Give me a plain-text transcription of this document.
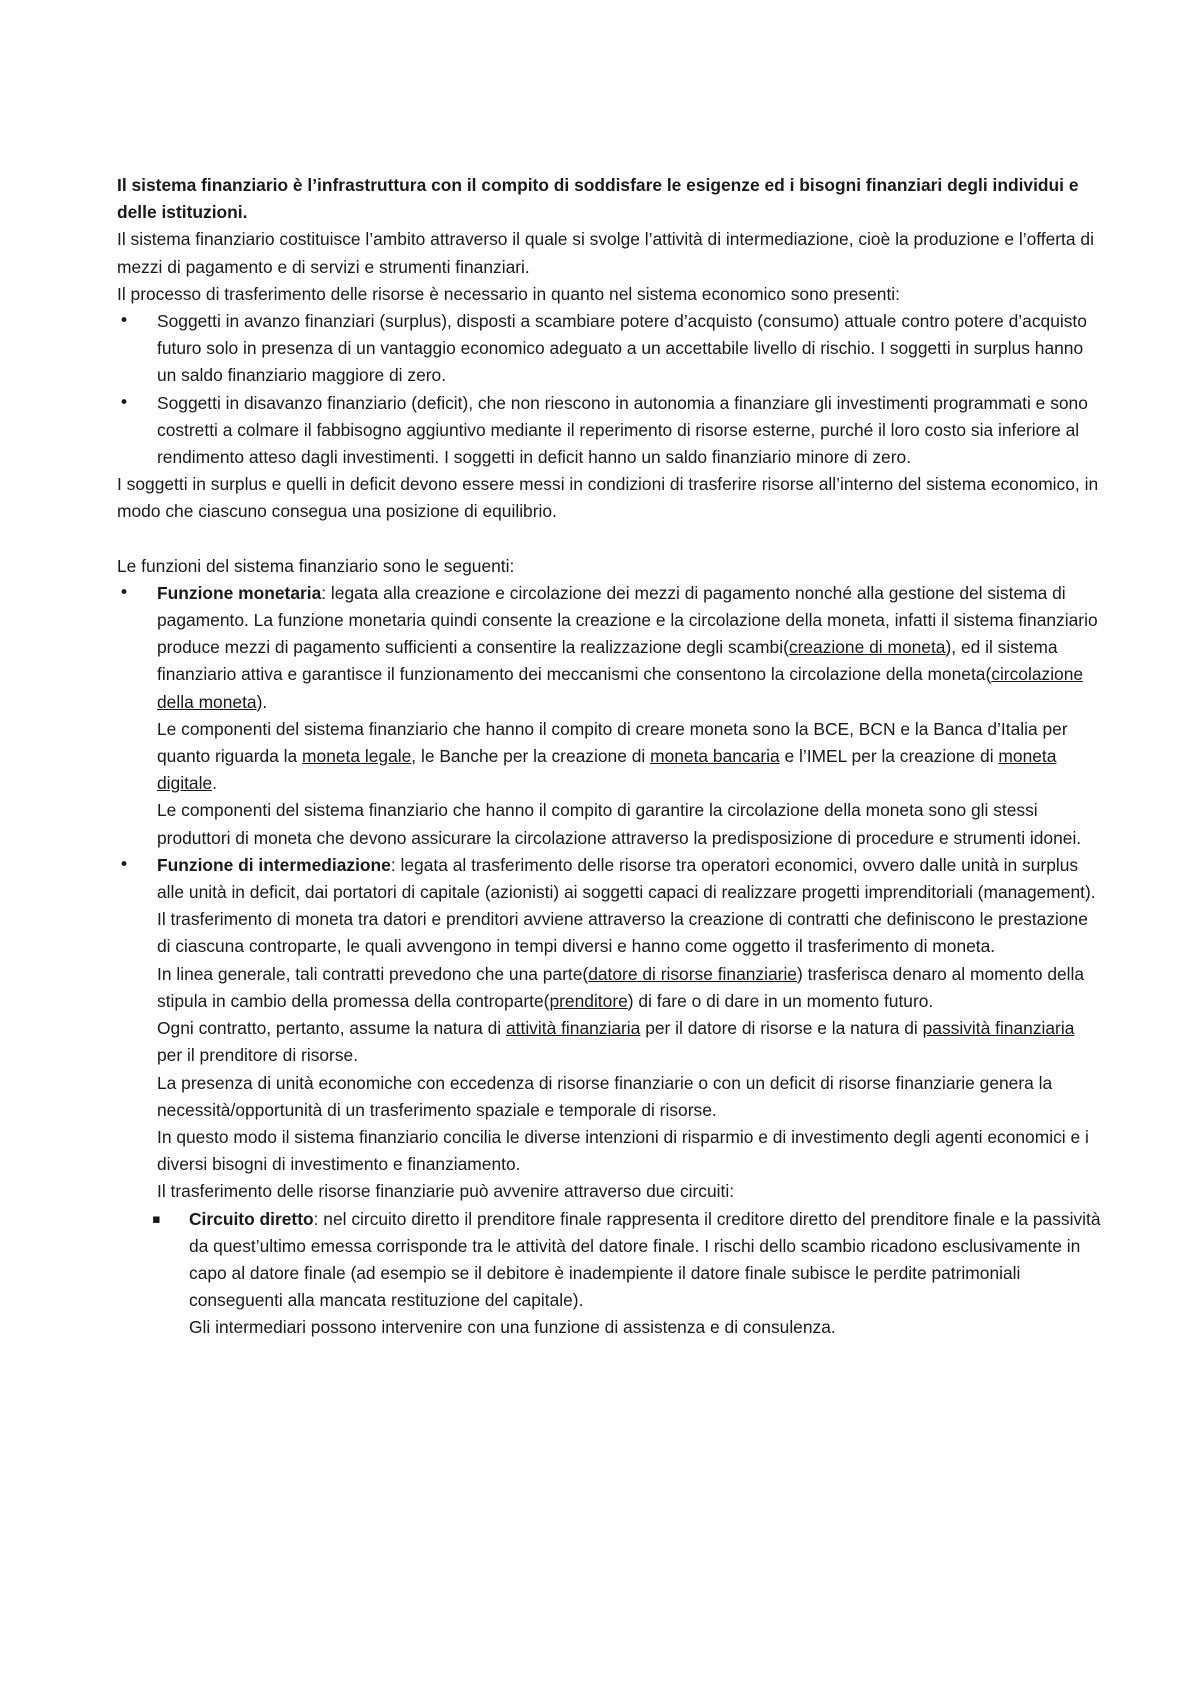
Il sistema finanziario è l’infrastruttura con il compito di soddisfare le esigenze ed i bisogni finanziari degli individui e delle istituzioni.

Il sistema finanziario costituisce l’ambito attraverso il quale si svolge l’attività di intermediazione, cioè la produzione e l’offerta di mezzi di pagamento e di servizi e strumenti finanziari.

Il processo di trasferimento delle risorse è necessario in quanto nel sistema economico sono presenti:

• Soggetti in avanzo finanziari (surplus), disposti a scambiare potere d’acquisto (consumo) attuale contro potere d’acquisto futuro solo in presenza di un vantaggio economico adeguato a un accettabile livello di rischio. I soggetti in surplus hanno un saldo finanziario maggiore di zero.
• Soggetti in disavanzo finanziario (deficit), che non riescono in autonomia a finanziare gli investimenti programmati e sono costretti a colmare il fabbisogno aggiuntivo mediante il reperimento di risorse esterne, purché il loro costo sia inferiore al rendimento atteso dagli investimenti. I soggetti in deficit hanno un saldo finanziario minore di zero.

I soggetti in surplus e quelli in deficit devono essere messi in condizioni di trasferire risorse all’interno del sistema economico, in modo che ciascuno consegua una posizione di equilibrio.

Le funzioni del sistema finanziario sono le seguenti:

• Funzione monetaria: legata alla creazione e circolazione dei mezzi di pagamento nonché alla gestione del sistema di pagamento. La funzione monetaria quindi consente la creazione e la circolazione della moneta, infatti il sistema finanziario produce mezzi di pagamento sufficienti a consentire la realizzazione degli scambi(creazione di moneta), ed il sistema finanziario attiva e garantisce il funzionamento dei meccanismi che consentono la circolazione della moneta(circolazione della moneta).

Le componenti del sistema finanziario che hanno il compito di creare moneta sono la BCE, BCN e la Banca d’Italia per quanto riguarda la moneta legale, le Banche per la creazione di moneta bancaria e l’IMEL per la creazione di moneta digitale.

Le componenti del sistema finanziario che hanno il compito di garantire la circolazione della moneta sono gli stessi produttori di moneta che devono assicurare la circolazione attraverso la predisposizione di procedure e strumenti idonei.

• Funzione di intermediazione: legata al trasferimento delle risorse tra operatori economici, ovvero dalle unità in surplus alle unità in deficit, dai portatori di capitale (azionisti) ai soggetti capaci di realizzare progetti imprenditoriali (management).

Il trasferimento di moneta tra datori e prenditori avviene attraverso la creazione di contratti che definiscono le prestazione di ciascuna controparte, le quali avvengono in tempi diversi e hanno come oggetto il trasferimento di moneta.

In linea generale, tali contratti prevedono che una parte(datore di risorse finanziarie) trasferisca denaro al momento della stipula in cambio della promessa della controparte(prenditore) di fare o di dare in un momento futuro.

Ogni contratto, pertanto, assume la natura di attività finanziaria per il datore di risorse e la natura di passività finanziaria per il prenditore di risorse.

La presenza di unità economiche con eccedenza di risorse finanziarie o con un deficit di risorse finanziarie genera la necessità/opportunità di un trasferimento spaziale e temporale di risorse.

In questo modo il sistema finanziario concilia le diverse intenzioni di risparmio e di investimento degli agenti economici e i diversi bisogni di investimento e finanziamento.

Il trasferimento delle risorse finanziarie può avvenire attraverso due circuiti:

▪ Circuito diretto: nel circuito diretto il prenditore finale rappresenta il creditore diretto del prenditore finale e la passività da quest’ultimo emessa corrisponde tra le attività del datore finale. I rischi dello scambio ricadono esclusivamente in capo al datore finale (ad esempio se il debitore è inadempiente il datore finale subisce le perdite patrimoniali conseguenti alla mancata restituzione del capitale).

Gli intermediari possono intervenire con una funzione di assistenza e di consulenza.
